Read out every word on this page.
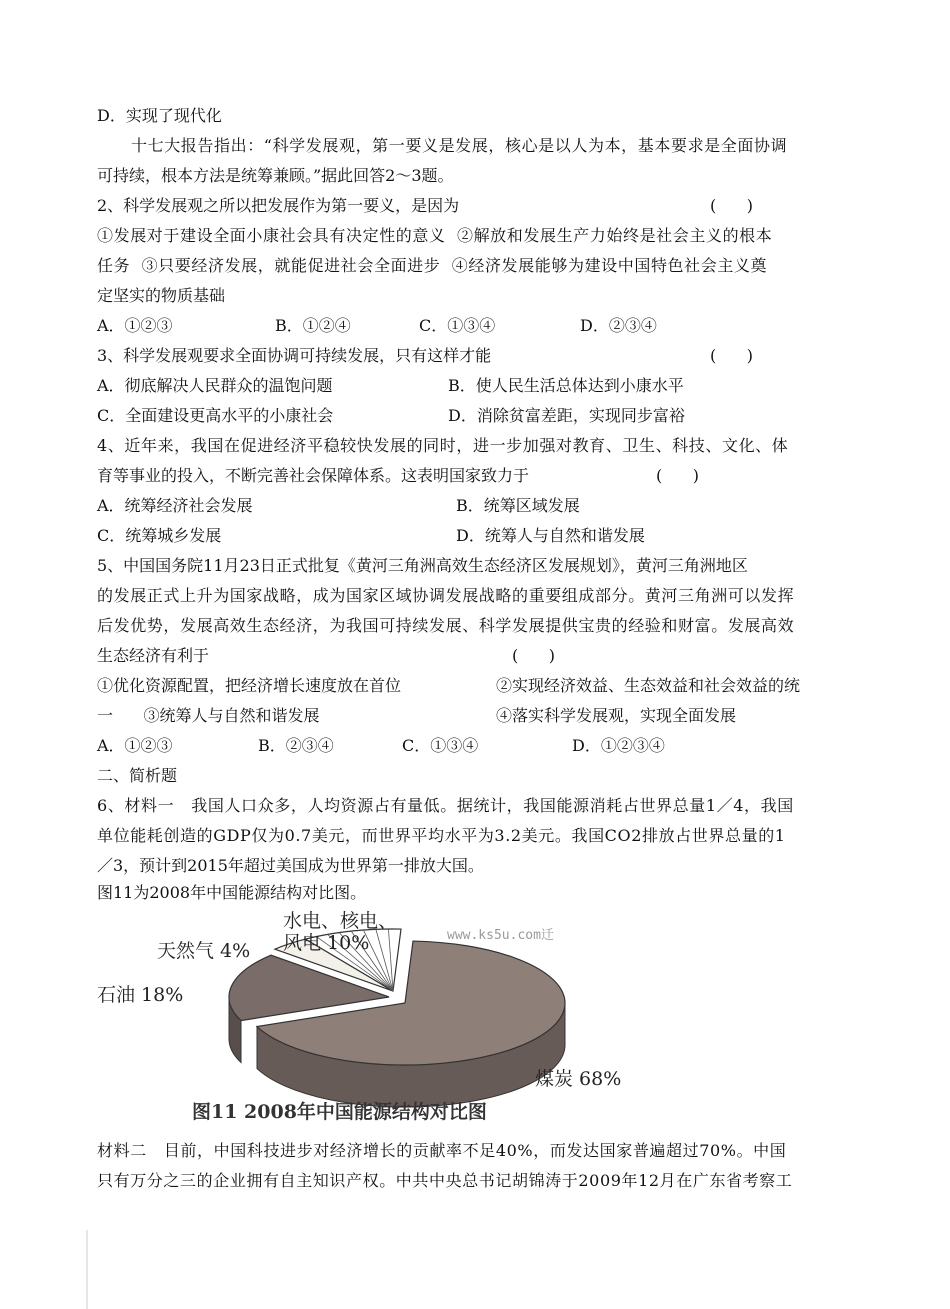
D．实现了现代化
十七大报告指出：“科学发展观，第一要义是发展，核心是以人为本，基本要求是全面协调
可持续，根本方法是统筹兼顾。”据此回答2～3题。
2、科学发展观之所以把发展作为第一要义，是因为	(      )
①发展对于建设全面小康社会具有决定性的意义  ②解放和发展生产力始终是社会主义的根本
任务  ③只要经济发展，就能促进社会全面进步  ④经济发展能够为建设中国特色社会主义奠
定坚实的物质基础
A．①②③	B．①②④	C．①③④	D．②③④
3、科学发展观要求全面协调可持续发展，只有这样才能	(      )
A．彻底解决人民群众的温饱问题	B．使人民生活总体达到小康水平
C．全面建设更高水平的小康社会	D．消除贫富差距，实现同步富裕
4、近年来，我国在促进经济平稳较快发展的同时，进一步加强对教育、卫生、科技、文化、体
育等事业的投入，不断完善社会保障体系。这表明国家致力于	(      )
A．统筹经济社会发展	B．统筹区域发展
C．统筹城乡发展	D．统筹人与自然和谐发展
5、中国国务院11月23日正式批复《黄河三角洲高效生态经济区发展规划》，黄河三角洲地区
的发展正式上升为国家战略，成为国家区域协调发展战略的重要组成部分。黄河三角洲可以发挥
后发优势，发展高效生态经济，为我国可持续发展、科学发展提供宝贵的经验和财富。发展高效
生态经济有利于	(      )
①优化资源配置，把经济增长速度放在首位	②实现经济效益、生态效益和社会效益的统
一      ③统筹人与自然和谐发展	④落实科学发展观，实现全面发展
A．①②③	B．②③④	C．①③④	D．①②③④
二、简析题
6、材料一   我国人口众多，人均资源占有量低。据统计，我国能源消耗占世界总量1／4，我国
单位能耗创造的GDP仅为0.7美元，而世界平均水平为3.2美元。我国CO2排放占世界总量的1
／3，预计到2015年超过美国成为世界第一排放大国。
图11为2008年中国能源结构对比图。
www.ks5u.com迁
水电、核电、
风电 10%
天然气 4%
石油 18%
煤炭 68%
图11 2008年中国能源结构对比图
材料二   目前，中国科技进步对经济增长的贡献率不足40%，而发达国家普遍超过70%。中国
只有万分之三的企业拥有自主知识产权。中共中央总书记胡锦涛于2009年12月在广东省考察工
